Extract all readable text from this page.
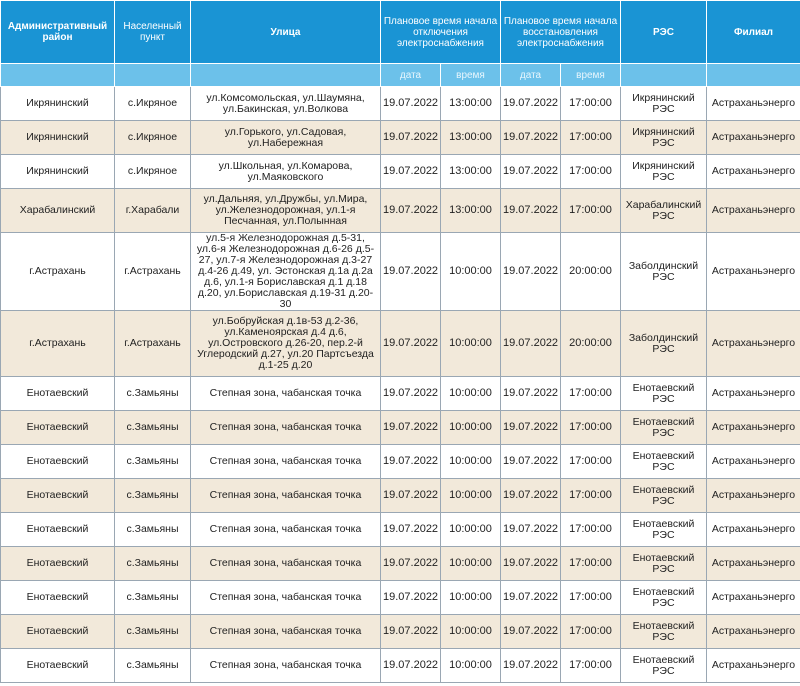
Административный район	Населенный пункт	Улица	Плановое время начала отключения электроснабжения		Плановое время начала восстановления электроснабжения		РЭС	Филиал
			дата	время	дата	время		
Икрянинский	с.Икряное	ул.Комсомольская, ул.Шаумяна, ул.Бакинская, ул.Волкова	19.07.2022	13:00:00	19.07.2022	17:00:00	Икрянинский РЭС	Астраханьэнерго
Икрянинский	с.Икряное	ул.Горького, ул.Садовая, ул.Набережная	19.07.2022	13:00:00	19.07.2022	17:00:00	Икрянинский РЭС	Астраханьэнерго
Икрянинский	с.Икряное	ул.Школьная, ул.Комарова, ул.Маяковского	19.07.2022	13:00:00	19.07.2022	17:00:00	Икрянинский РЭС	Астраханьэнерго
Харабалинский	г.Харабали	ул.Дальняя, ул.Дружбы, ул.Мира, ул.Железнодорожная, ул.1-я Песчанная, ул.Полынная	19.07.2022	13:00:00	19.07.2022	17:00:00	Харабалинский РЭС	Астраханьэнерго
г.Астрахань	г.Астрахань	ул.5-я Железнодорожная д.5-31, ул.6-я Железнодорожная д.6-26 д.5-27, ул.7-я Железнодорожная д.3-27 д.4-26 д.49, ул. Эстонская д.1а д.2а д.6, ул.1-я Бориславская д.1 д.18 д.20, ул.Бориславская д.19-31 д.20-30	19.07.2022	10:00:00	19.07.2022	20:00:00	Заболдинский РЭС	Астраханьэнерго
г.Астрахань	г.Астрахань	ул.Бобруйская д.1в-53 д.2-36, ул.Каменоярская д.4 д.6, ул.Островского д.26-20, пер.2-й Углеродский д.27, ул.20 Партсъезда д.1-25 д.20	19.07.2022	10:00:00	19.07.2022	20:00:00	Заболдинский РЭС	Астраханьэнерго
Енотаевский	с.Замьяны	Степная зона, чабанская точка	19.07.2022	10:00:00	19.07.2022	17:00:00	Енотаевский РЭС	Астраханьэнерго
Енотаевский	с.Замьяны	Степная зона, чабанская точка	19.07.2022	10:00:00	19.07.2022	17:00:00	Енотаевский РЭС	Астраханьэнерго
Енотаевский	с.Замьяны	Степная зона, чабанская точка	19.07.2022	10:00:00	19.07.2022	17:00:00	Енотаевский РЭС	Астраханьэнерго
Енотаевский	с.Замьяны	Степная зона, чабанская точка	19.07.2022	10:00:00	19.07.2022	17:00:00	Енотаевский РЭС	Астраханьэнерго
Енотаевский	с.Замьяны	Степная зона, чабанская точка	19.07.2022	10:00:00	19.07.2022	17:00:00	Енотаевский РЭС	Астраханьэнерго
Енотаевский	с.Замьяны	Степная зона, чабанская точка	19.07.2022	10:00:00	19.07.2022	17:00:00	Енотаевский РЭС	Астраханьэнерго
Енотаевский	с.Замьяны	Степная зона, чабанская точка	19.07.2022	10:00:00	19.07.2022	17:00:00	Енотаевский РЭС	Астраханьэнерго
Енотаевский	с.Замьяны	Степная зона, чабанская точка	19.07.2022	10:00:00	19.07.2022	17:00:00	Енотаевский РЭС	Астраханьэнерго
Енотаевский	с.Замьяны	Степная зона, чабанская точка	19.07.2022	10:00:00	19.07.2022	17:00:00	Енотаевский РЭС	Астраханьэнерго
